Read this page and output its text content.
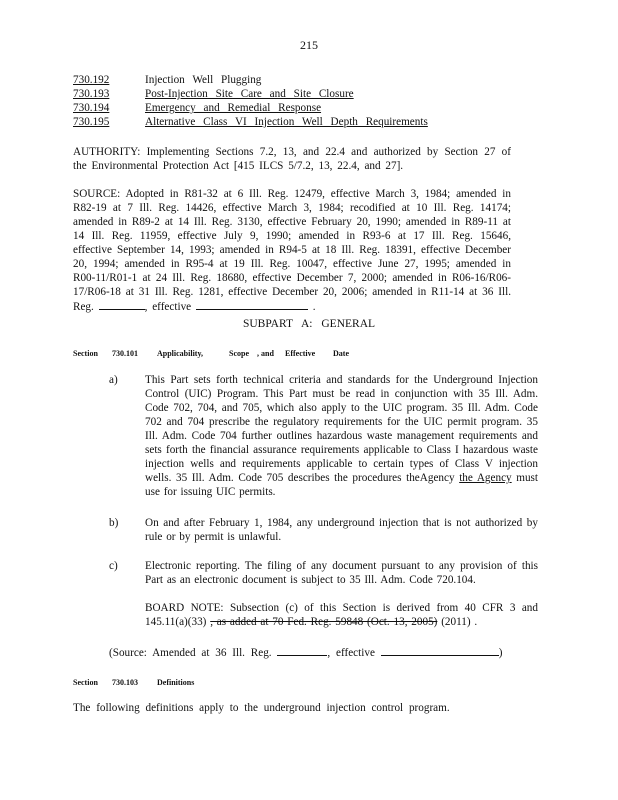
215
730.192	Injection Well Plugging
730.193	Post-Injection Site Care and Site Closure
730.194	Emergency and Remedial Response
730.195	Alternative Class VI Injection Well Depth Requirements
AUTHORITY: Implementing Sections 7.2, 13, and 22.4 and authorized by Section 27 of the Environmental Protection Act [415 ILCS 5/7.2, 13, 22.4, and 27].
SOURCE: Adopted in R81-32 at 6 Ill. Reg. 12479, effective March 3, 1984; amended in R82-19 at 7 Ill. Reg. 14426, effective March 3, 1984; recodified at 10 Ill. Reg. 14174; amended in R89-2 at 14 Ill. Reg. 3130, effective February 20, 1990; amended in R89-11 at 14 Ill. Reg. 11959, effective July 9, 1990; amended in R93-6 at 17 Ill. Reg. 15646, effective September 14, 1993; amended in R94-5 at 18 Ill. Reg. 18391, effective December 20, 1994; amended in R95-4 at 19 Ill. Reg. 10047, effective June 27, 1995; amended in R00-11/R01-1 at 24 Ill. Reg. 18680, effective December 7, 2000; amended in R06-16/R06-17/R06-18 at 31 Ill. Reg. 1281, effective December 20, 2006; amended in R11-14 at 36 Ill. Reg.	, effective	.
SUBPART A: GENERAL
Section 730.101 Applicability,	Scope , and Effective Date
a) This Part sets forth technical criteria and standards for the Underground Injection Control (UIC) Program. This Part must be read in conjunction with 35 Ill. Adm. Code 702, 704, and 705, which also apply to the UIC program. 35 Ill. Adm. Code 702 and 704 prescribe the regulatory requirements for the UIC permit program. 35 Ill. Adm. Code 704 further outlines hazardous waste management requirements and sets forth the financial assurance requirements applicable to Class I hazardous waste injection wells and requirements applicable to certain types of Class V injection wells. 35 Ill. Adm. Code 705 describes the procedures theAgency the Agency must use for issuing UIC permits.
b) On and after February 1, 1984, any underground injection that is not authorized by rule or by permit is unlawful.
c) Electronic reporting. The filing of any document pursuant to any provision of this Part as an electronic document is subject to 35 Ill. Adm. Code 720.104.
BOARD NOTE: Subsection (c) of this Section is derived from 40 CFR 3 and 145.11(a)(33) , as added at 70 Fed. Reg. 59848 (Oct. 13, 2005) (2011) .
(Source: Amended at 36 Ill. Reg.	, effective	)
Section 730.103 Definitions
The following definitions apply to the underground injection control program.
